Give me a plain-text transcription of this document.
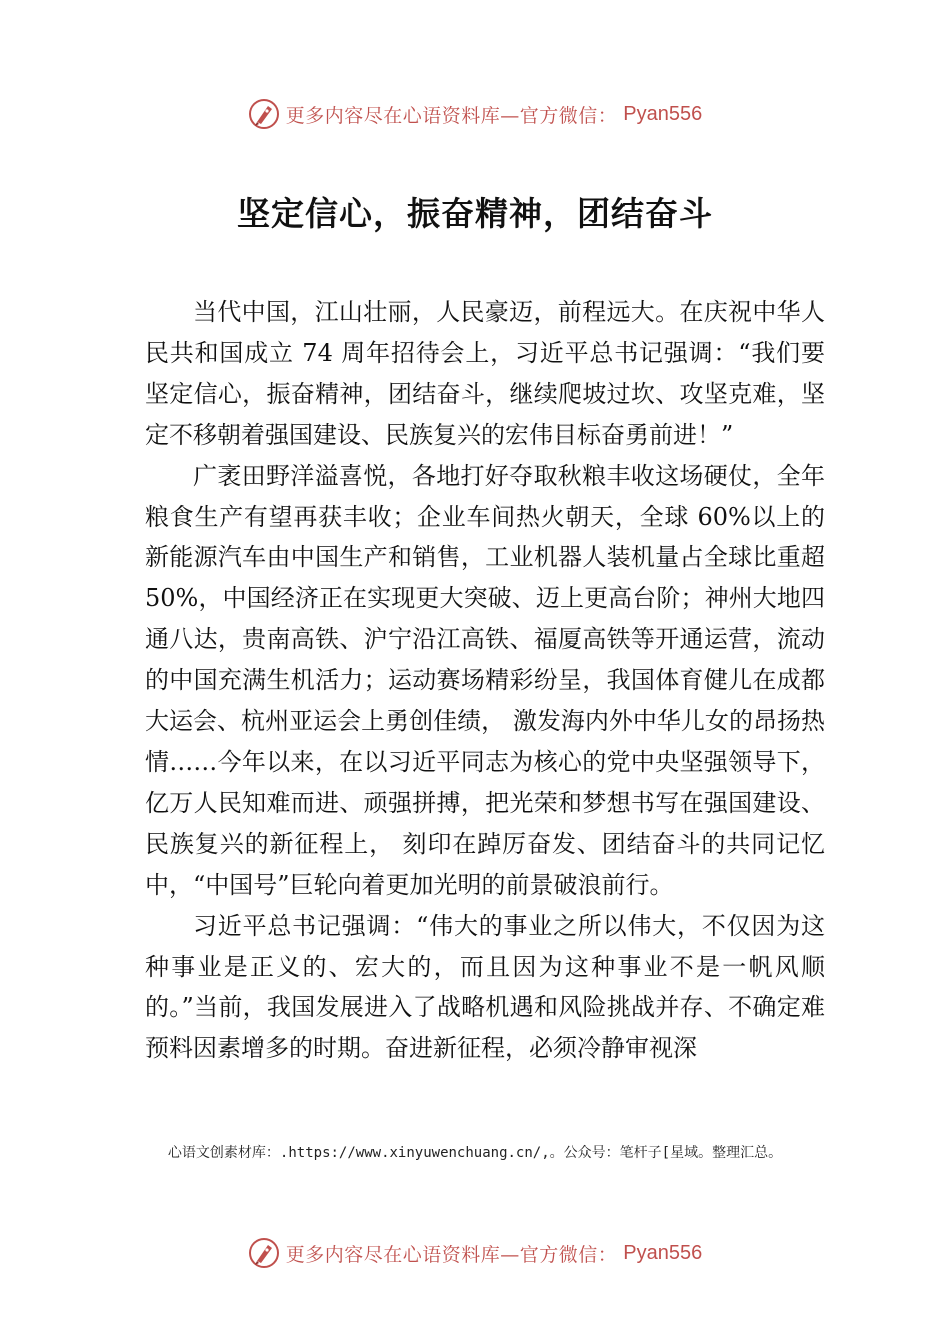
更多内容尽在心语资料库—官方微信： Pyan556
坚定信心，振奋精神，团结奋斗

当代中国，江山壮丽，人民豪迈，前程远大。在庆祝中华人民共和国成立 74 周年招待会上，习近平总书记强调：“我们要坚定信心，振奋精神，团结奋斗，继续爬坡过坎、攻坚克难，坚定不移朝着强国建设、民族复兴的宏伟目标奋勇前进！”

广袤田野洋溢喜悦，各地打好夺取秋粮丰收这场硬仗，全年粮食生产有望再获丰收；企业车间热火朝天，全球 60%以上的新能源汽车由中国生产和销售，工业机器人装机量占全球比重超 50%，中国经济正在实现更大突破、迈上更高台阶；神州大地四通八达，贵南高铁、沪宁沿江高铁、福厦高铁等开通运营，流动的中国充满生机活力；运动赛场精彩纷呈，我国体育健儿在成都大运会、杭州亚运会上勇创佳绩， 激发海内外中华儿女的昂扬热情……今年以来，在以习近平同志为核心的党中央坚强领导下，亿万人民知难而进、顽强拼搏，把光荣和梦想书写在强国建设、民族复兴的新征程上， 刻印在踔厉奋发、团结奋斗的共同记忆中，“中国号”巨轮向着更加光明的前景破浪前行。

习近平总书记强调：“伟大的事业之所以伟大，不仅因为这种事业是正义的、宏大的，而且因为这种事业不是一帆风顺的。”当前，我国发展进入了战略机遇和风险挑战并存、不确定难预料因素增多的时期。奋进新征程，必须冷静审视深

心语文创素材库：.https://www.xinyuwenchuang.cn/,。公众号：笔杆子[星域。整理汇总。
更多内容尽在心语资料库—官方微信： Pyan556
